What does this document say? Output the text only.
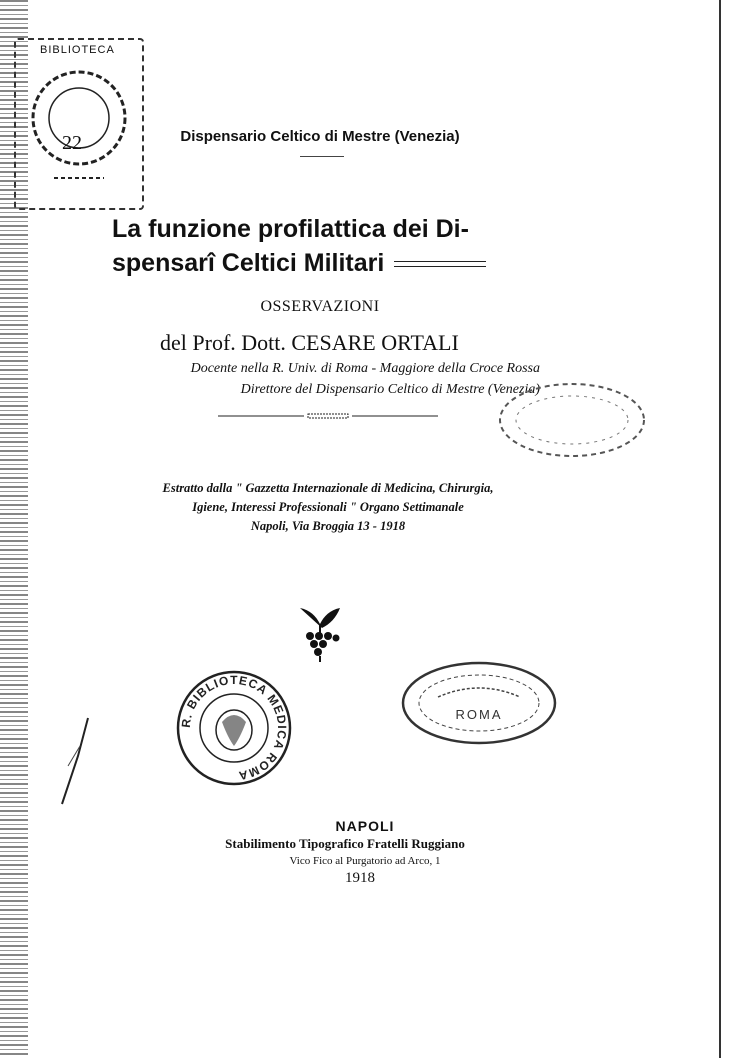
BIBLIOTECA
22	Dispensario Celtico di Mestre (Venezia)
La funzione profilattica dei Di-
spensarî Celtici Militari
OSSERVAZIONI
del Prof. Dott. CESARE ORTALI
Docente nella R. Univ. di Roma - Maggiore della Croce Rossa
Direttore del Dispensario Celtico di Mestre (Venezia)
Estratto dalla " Gazzetta Internazionale di Medicina, Chirurgia,
Igiene, Interessi Professionali " Organo Settimanale
Napoli, Via Broggia 13 - 1918
R. BIBLIOTECA MEDICA ROMA
ROMA
NAPOLI
Stabilimento Tipografico Fratelli Ruggiano
Vico Fico al Purgatorio ad Arco, 1
1918
